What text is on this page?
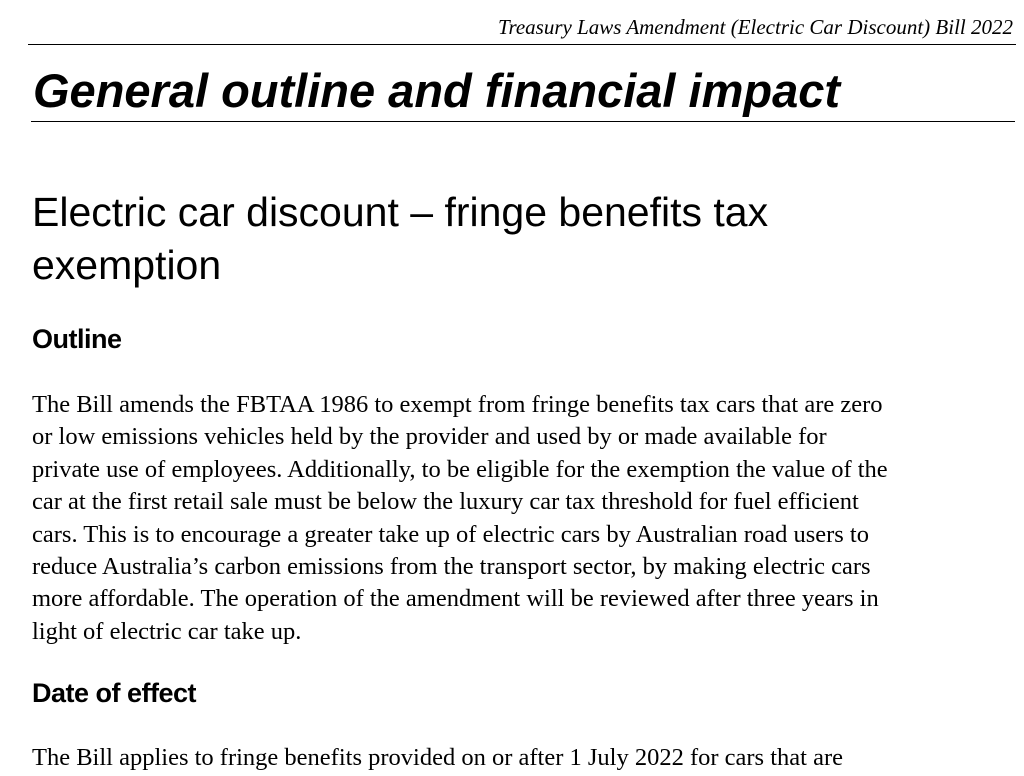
Treasury Laws Amendment (Electric Car Discount) Bill 2022
General outline and financial impact
Electric car discount – fringe benefits tax
exemption
Outline

The Bill amends the FBTAA 1986 to exempt from fringe benefits tax cars that are zero
or low emissions vehicles held by the provider and used by or made available for
private use of employees. Additionally, to be eligible for the exemption the value of the
car at the first retail sale must be below the luxury car tax threshold for fuel efficient
cars. This is to encourage a greater take up of electric cars by Australian road users to
reduce Australia’s carbon emissions from the transport sector, by making electric cars
more affordable. The operation of the amendment will be reviewed after three years in
light of electric car take up.

Date of effect

The Bill applies to fringe benefits provided on or after 1 July 2022 for cars that are
